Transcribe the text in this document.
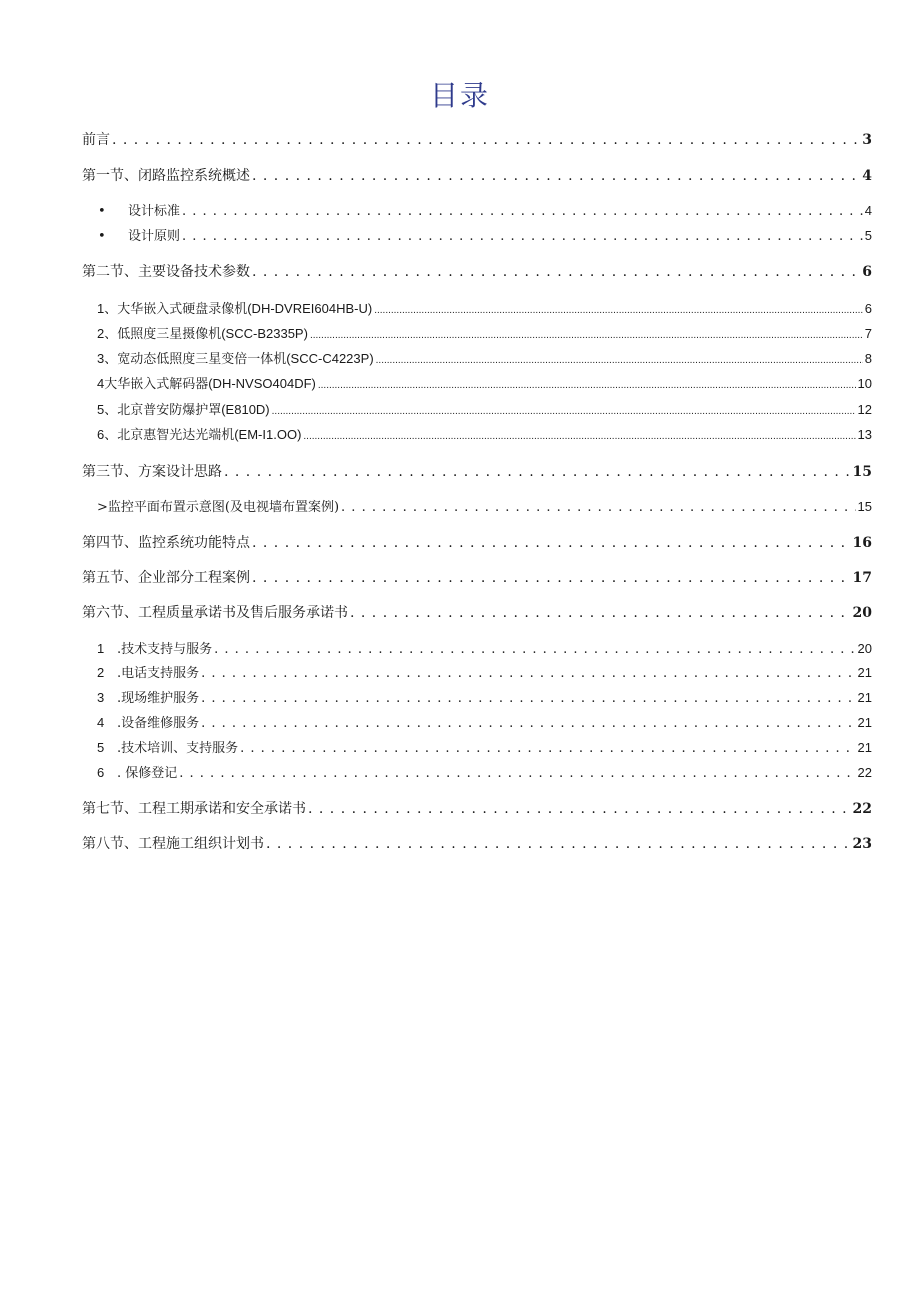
目录
前言 . . .	3
第一节、闭路监控系统概述 . . .	4
• 设计标准 . . .	4
• 设计原则 . . .	5
第二节、主要设备技术参数 . . .	6
1、大华嵌入式硬盘录像机(DH-DVREI604HB-U) .....	6
2、低照度三星摄像机(SCC-B2335P) .....	7
3、宽动态低照度三星变倍一体机(SCC-C4223P) .....	8
4大华嵌入式解码器(DH-NVSO404DF) .....	10
5、北京普安防爆护罩(E810D) .....	12
6、北京惠智光达光端机(EM-I1.OO) .....	13
第三节、方案设计思路 . . .	15
>监控平面布置示意图(及电视墙布置案例) . . .	15
第四节、监控系统功能特点 . . .	16
第五节、企业部分工程案例 . . .	17
第六节、工程质量承诺书及售后服务承诺书 . . .	20
1 .技术支持与服务 . . .	20
2 .电话支持服务 . . .	21
3 .现场维护服务 . . .	21
4 .设备维修服务 . . .	21
5 .技术培训、支持服务 . . .	21
6 . 保修登记 . . .	22
第七节、工程工期承诺和安全承诺书 . . .	22
第八节、工程施工组织计划书 . . .	23
